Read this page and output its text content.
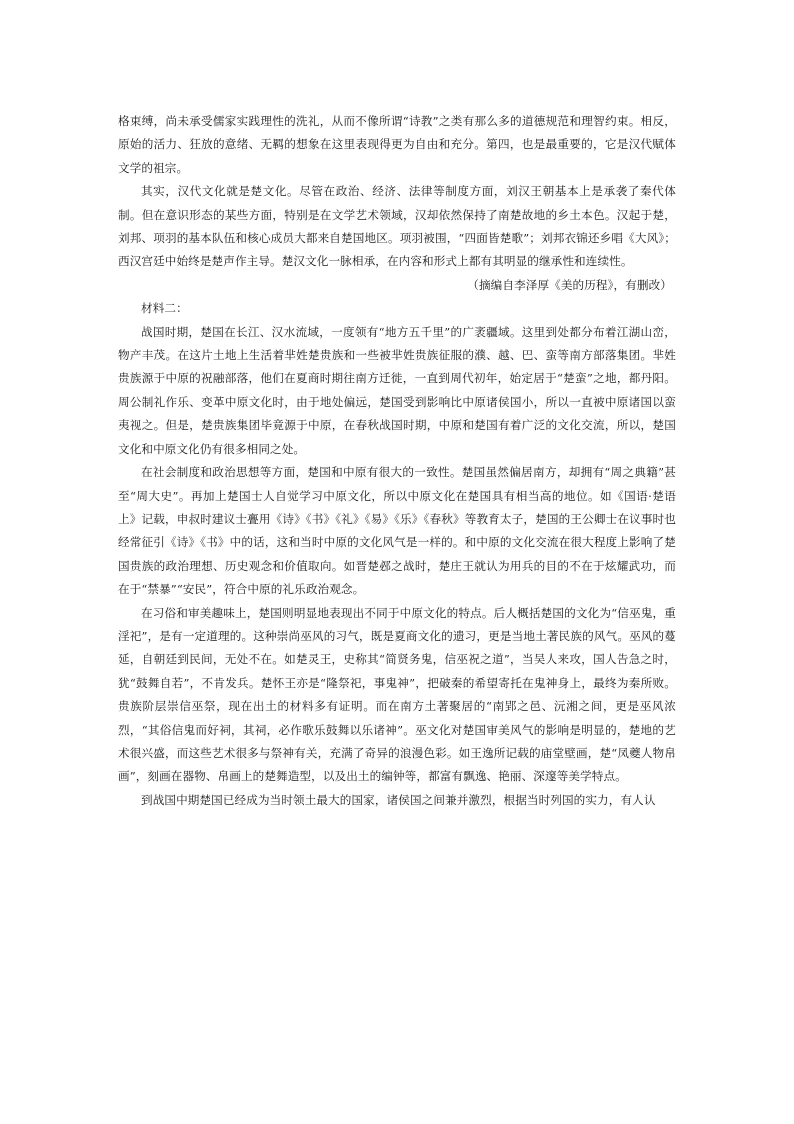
格束缚，尚未承受儒家实践理性的洗礼，从而不像所谓“诗教”之类有那么多的道德规范和理智约束。相反，原始的活力、狂放的意绪、无羁的想象在这里表现得更为自由和充分。第四，也是最重要的，它是汉代赋体文学的祖宗。

其实，汉代文化就是楚文化。尽管在政治、经济、法律等制度方面，刘汉王朝基本上是承袭了秦代体制。但在意识形态的某些方面，特别是在文学艺术领域，汉却依然保持了南楚故地的乡土本色。汉起于楚，刘邦、项羽的基本队伍和核心成员大都来自楚国地区。项羽被围，“四面皆楚歌”；刘邦衣锦还乡唱《大风》；西汉宫廷中始终是楚声作主导。楚汉文化一脉相承，在内容和形式上都有其明显的继承性和连续性。

（摘编自李泽厚《美的历程》，有删改）

材料二：

战国时期，楚国在长江、汉水流域，一度领有“地方五千里”的广袤疆域。这里到处都分布着江湖山峦，物产丰茂。在这片土地上生活着芈姓楚贵族和一些被芈姓贵族征服的濮、越、巴、蛮等南方部落集团。芈姓贵族源于中原的祝融部落，他们在夏商时期往南方迁徙，一直到周代初年，始定居于“楚蛮”之地，都丹阳。周公制礼作乐、变革中原文化时，由于地处偏远，楚国受到影响比中原诸侯国小，所以一直被中原诸国以蛮夷视之。但是，楚贵族集团毕竟源于中原，在春秋战国时期，中原和楚国有着广泛的文化交流，所以，楚国文化和中原文化仍有很多相同之处。

在社会制度和政治思想等方面，楚国和中原有很大的一致性。楚国虽然偏居南方，却拥有“周之典籍”甚至“周大史”。再加上楚国士人自觉学习中原文化，所以中原文化在楚国具有相当高的地位。如《国语·楚语上》记载，申叔时建议士亹用《诗》《书》《礼》《易》《乐》《春秋》等教育太子，楚国的王公卿士在议事时也经常征引《诗》《书》中的话，这和当时中原的文化风气是一样的。和中原的文化交流在很大程度上影响了楚国贵族的政治理想、历史观念和价值取向。如晋楚邲之战时，楚庄王就认为用兵的目的不在于炫耀武功，而在于“禁暴”“安民”，符合中原的礼乐政治观念。

在习俗和审美趣味上，楚国则明显地表现出不同于中原文化的特点。后人概括楚国的文化为“信巫鬼，重淫祀”，是有一定道理的。这种崇尚巫风的习气，既是夏商文化的遗习，更是当地土著民族的风气。巫风的蔓延，自朝廷到民间，无处不在。如楚灵王，史称其“简贤务鬼，信巫祝之道”，当吴人来攻，国人告急之时，犹“鼓舞自若”，不肯发兵。楚怀王亦是“隆祭祀，事鬼神”，把破秦的希望寄托在鬼神身上，最终为秦所败。贵族阶层崇信巫祭，现在出土的材料多有证明。而在南方土著聚居的“南郢之邑、沅湘之间，更是巫风浓烈，“其俗信鬼而好祠，其祠，必作歌乐鼓舞以乐诸神”。巫文化对楚国审美风气的影响是明显的，楚地的艺术很兴盛，而这些艺术很多与祭神有关，充满了奇异的浪漫色彩。如王逸所记载的庙堂壁画，楚“凤夔人物帛画”，刻画在器物、帛画上的楚舞造型，以及出土的编钟等，都富有飘逸、艳丽、深邃等美学特点。

到战国中期楚国已经成为当时领土最大的国家，诸侯国之间兼并激烈，根据当时列国的实力，有人认
